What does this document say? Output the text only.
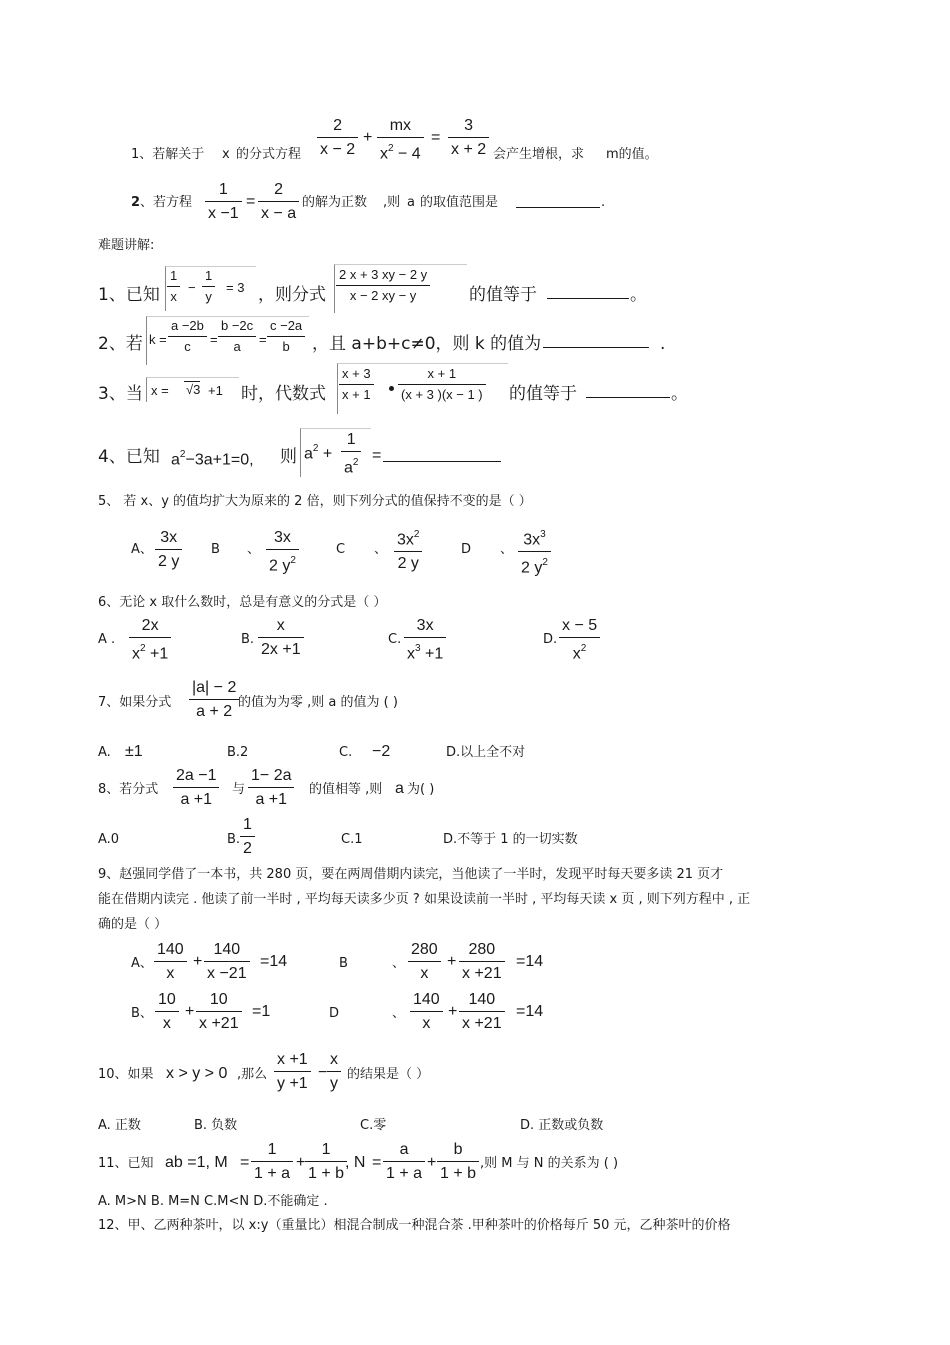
1、若解关于 x 的分式方程
2
x − 2
+
mx
$x^2 - 4$
=
3
x + 2 会产生增根，求 m的值。
2 、若方程
1
x −1
=
2
x − a
的解为正数 ,则 a 的取值范围是	.
难题讲解:
1、已知
1
x
−
1
y
= 3 ，则分式
2 x + 3 xy − 2 y
x − 2 xy − y	的值等于	。
2、若 k =
a −2b
c =
b −2c
a =
c −2a
b ，且 a+b+c≠0，则 k 的值为	.
3、当 x = √3 +1 时，代数式
x + 3
x + 1
x + 1
(x + 3 )(x − 1 ) 的值等于	。
4、已知 $a^2-3a+1=0$, 则 $a^2$ +
1
$a^2$ =
5、 若 x、y 的值均扩大为原来的 2 倍，则下列分式的值保持不变的是（ ）
A、
3x
2 y
B 、
3x
2 $y^2$
C 、
$3x^2$
2 y
D 、
$3x^3$
2 $y^2$
6、无论 x 取什么数时，总是有意义的分式是（ ）
A .
2x
$x^2 +1$
B.
x
2x +1
C.
3x
$x^3 +1$
D.
x − 5
$x^2$
7、如果分式
|a| − 2
a + 2
的值为为零 ,则 a 的值为 ( )
A. ±1	B.2	C. −2	D.以上全不对
8、若分式
2a −1
a +1
与
1− 2a
a +1
的值相等 ,则 a 为( )
A.0	B.
1
2
C.1	D.不等于 1 的一切实数
9、赵强同学借了一本书，共 280 页，要在两周借期内读完，当他读了一半时，发现平时每天要多读 21 页才
能在借期内读完 . 他读了前一半时 , 平均每天读多少页 ? 如果设读前一半时 , 平均每天读 x 页 , 则下列方程中 , 正
确的是（ ）
A、
140
x
+
140
x −21
=14	B	、
280
x
+
280
x +21
=14
B、
10
x
+
10
x +21
=1	D	、
140
x
+
140
x +21
=14
10、如果 x > y > 0 ,那么
x +1
y +1
−
x
y
的结果是（ ）
A. 正数	B. 负数	C.零	D. 正数或负数
11、已知 ab =1, M =
1
1 + a
+
1
1 + b
, N =
a
1 + a
+
b
1 + b
,则 M 与 N 的关系为 ( )
A. M>N B. M=N C.M<N D.不能确定 .
12、甲、乙两种茶叶，以 x:y（重量比）相混合制成一种混合茶 .甲种茶叶的价格每斤 50 元，乙种茶叶的价格
